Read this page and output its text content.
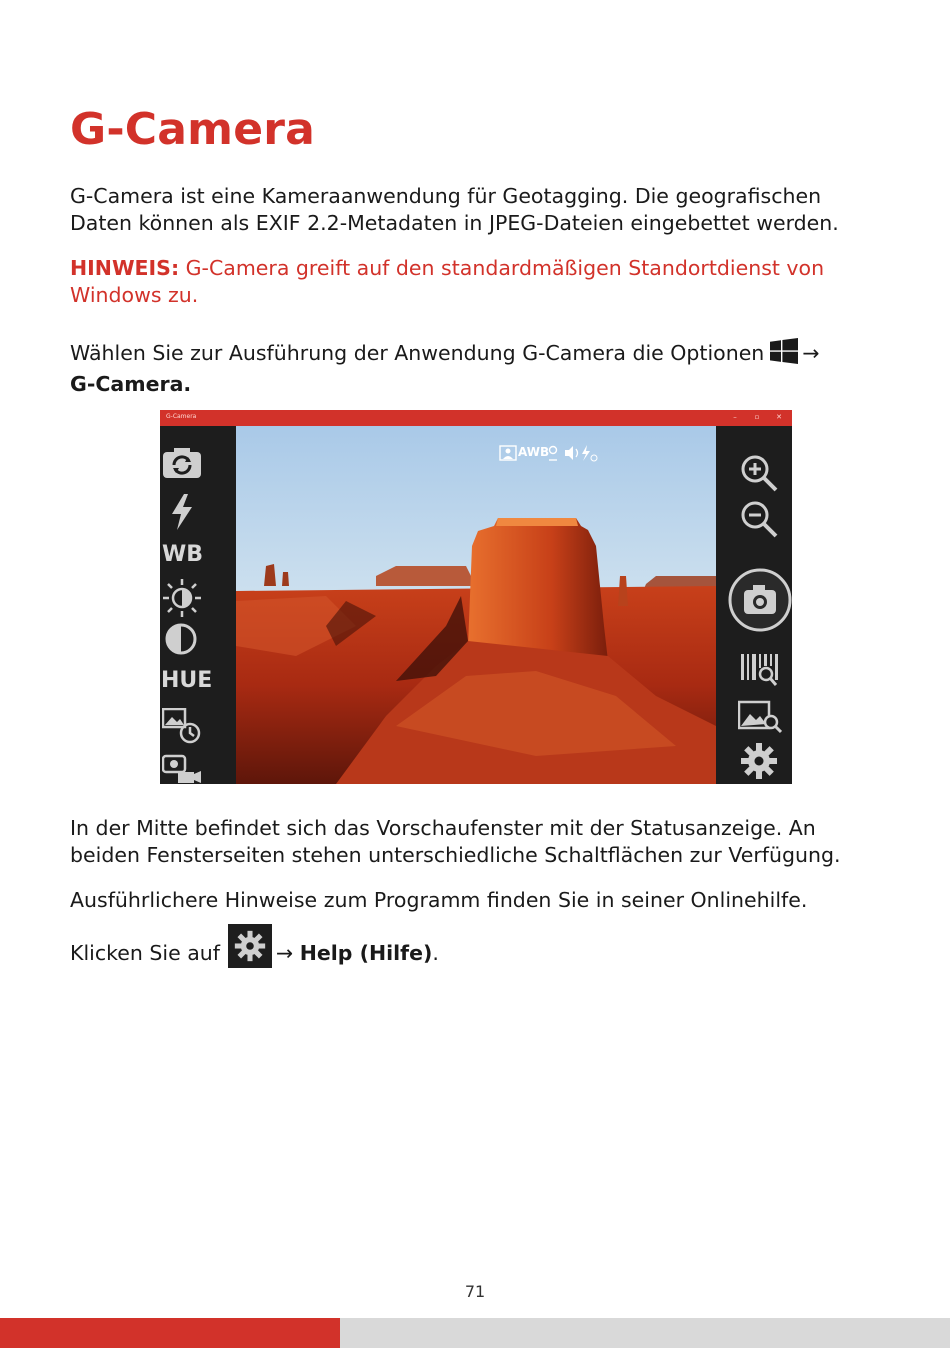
G-Camera

G-Camera ist eine Kameraanwendung für Geotagging. Die geografischen
Daten können als EXIF 2.2-Metadaten in JPEG-Dateien eingebettet werden.

HINWEIS: G-Camera greift auf den standardmäßigen Standortdienst von
Windows zu.

Wählen Sie zur Ausführung der Anwendung G-Camera die Optionen →
G-Camera.

G-Camera	–	▫	✕
AWB
WB
HUE

In der Mitte befindet sich das Vorschaufenster mit der Statusanzeige. An
beiden Fensterseiten stehen unterschiedliche Schaltflächen zur Verfügung.

Ausführlichere Hinweise zum Programm finden Sie in seiner Onlinehilfe.

Klicken Sie auf	→ Help (Hilfe).

71
